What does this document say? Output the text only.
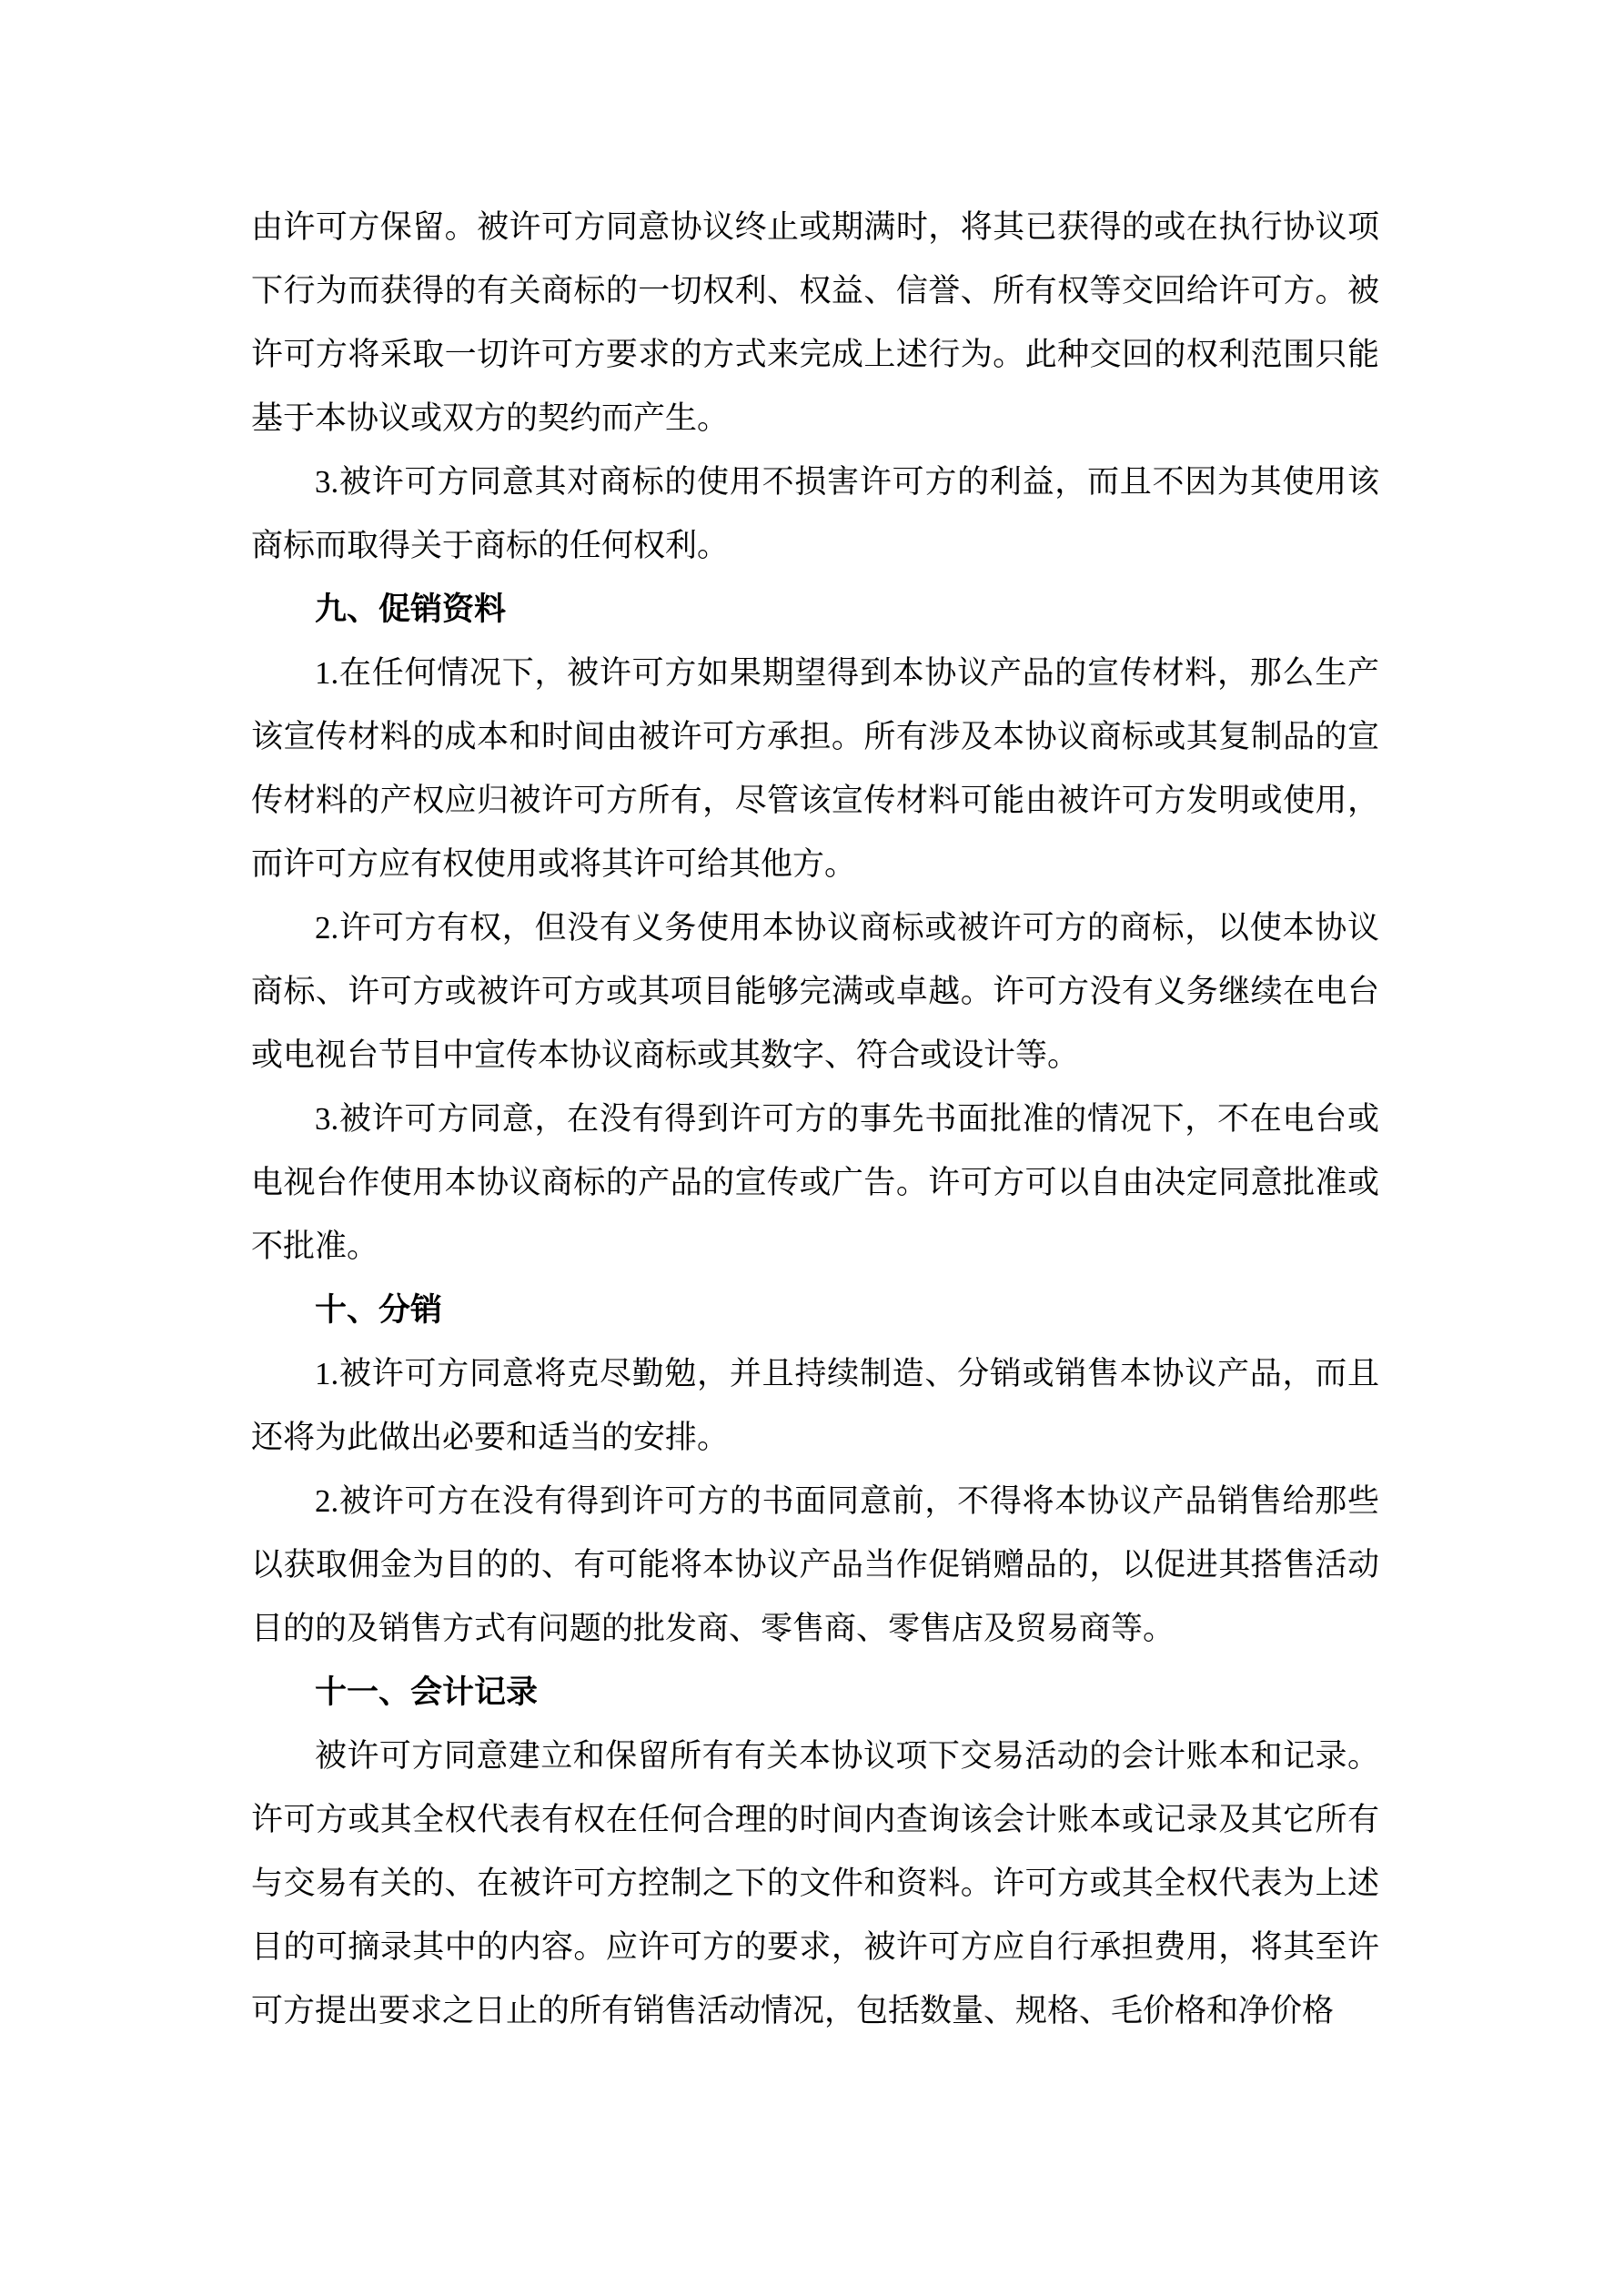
由许可方保留。被许可方同意协议终止或期满时，将其已获得的或在执行协议项下行为而获得的有关商标的一切权利、权益、信誉、所有权等交回给许可方。被许可方将采取一切许可方要求的方式来完成上述行为。此种交回的权利范围只能基于本协议或双方的契约而产生。

3.被许可方同意其对商标的使用不损害许可方的利益，而且不因为其使用该商标而取得关于商标的任何权利。

九、促销资料

1.在任何情况下，被许可方如果期望得到本协议产品的宣传材料，那么生产该宣传材料的成本和时间由被许可方承担。所有涉及本协议商标或其复制品的宣传材料的产权应归被许可方所有，尽管该宣传材料可能由被许可方发明或使用，而许可方应有权使用或将其许可给其他方。

2.许可方有权，但没有义务使用本协议商标或被许可方的商标，以使本协议商标、许可方或被许可方或其项目能够完满或卓越。许可方没有义务继续在电台或电视台节目中宣传本协议商标或其数字、符合或设计等。

3.被许可方同意，在没有得到许可方的事先书面批准的情况下，不在电台或电视台作使用本协议商标的产品的宣传或广告。许可方可以自由决定同意批准或不批准。

十、分销

1.被许可方同意将克尽勤勉，并且持续制造、分销或销售本协议产品，而且还将为此做出必要和适当的安排。

2.被许可方在没有得到许可方的书面同意前，不得将本协议产品销售给那些以获取佣金为目的的、有可能将本协议产品当作促销赠品的，以促进其搭售活动目的的及销售方式有问题的批发商、零售商、零售店及贸易商等。

十一、会计记录

被许可方同意建立和保留所有有关本协议项下交易活动的会计账本和记录。许可方或其全权代表有权在任何合理的时间内查询该会计账本或记录及其它所有与交易有关的、在被许可方控制之下的文件和资料。许可方或其全权代表为上述目的可摘录其中的内容。应许可方的要求，被许可方应自行承担费用，将其至许可方提出要求之日止的所有销售活动情况，包括数量、规格、毛价格和净价格
